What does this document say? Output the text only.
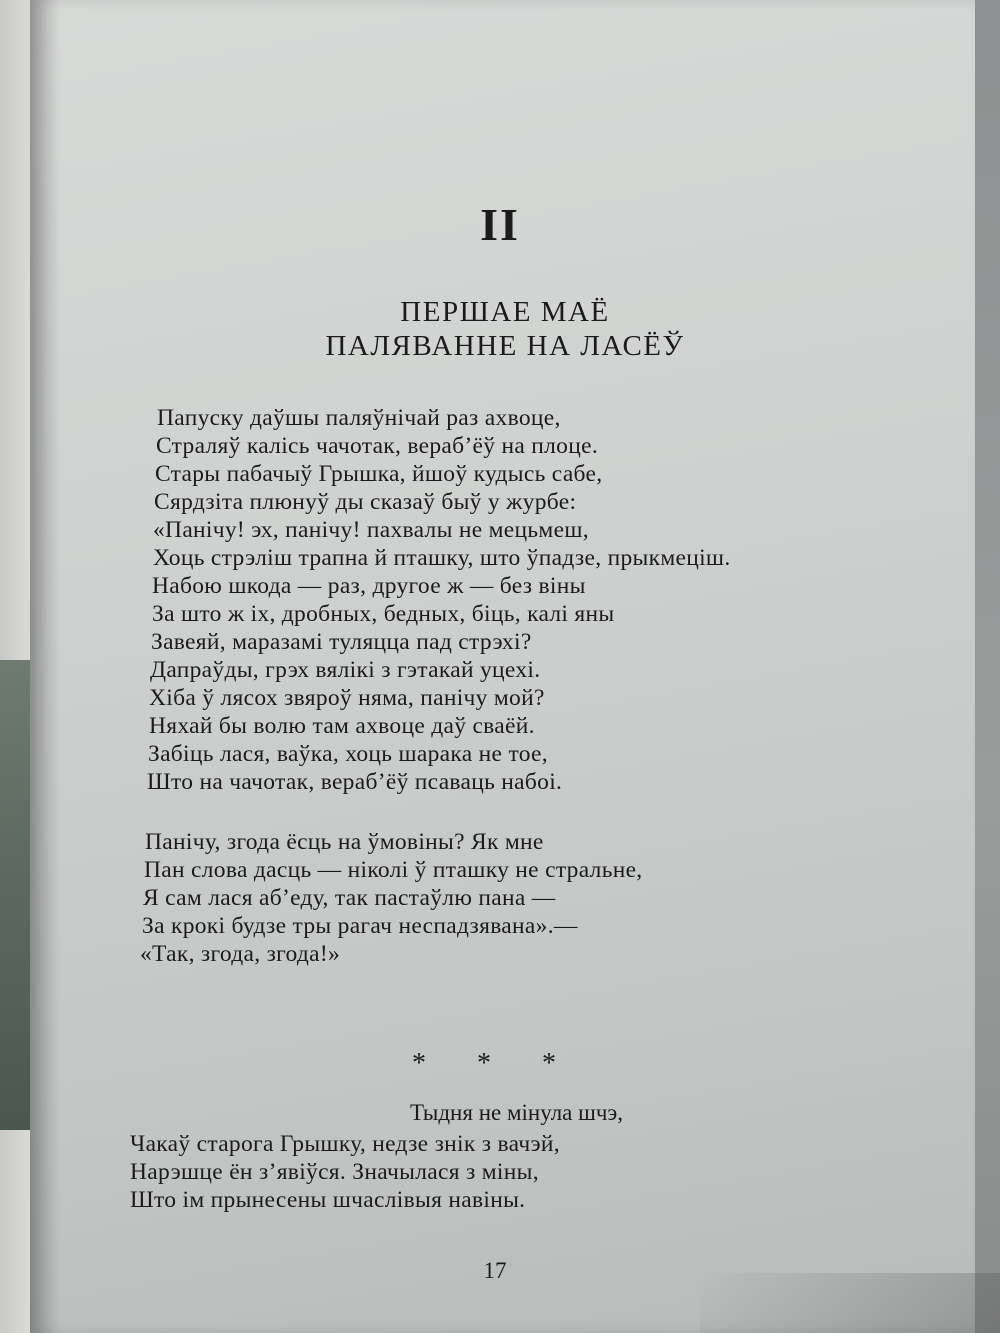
II
ПЕРШАЕ МАЁ
ПАЛЯВАННЕ НА ЛАСЁЎ
Папуску даўшы паляўнічай раз ахвоце,
Страляў калісь чачотак, вераб’ёў на плоце.
Стары пабачыў Грышка, йшоў кудысь сабе,
Сярдзіта плюнуў ды сказаў быў у журбе:
«Панічу! эх, панічу! пахвалы не мецьмеш,
Хоць стрэліш трапна й пташку, што ўпадзе, прыкмеціш.
Набою шкода — раз, другое ж — без віны
За што ж іх, дробных, бедных, біць, калі яны
Завеяй, маразамі туляцца пад стрэхі?
Дапраўды, грэх вялікі з гэтакай уцехі.
Хіба ў лясох звяроў няма, панічу мой?
Няхай бы волю там ахвоце даў сваёй.
Забіць лася, ваўка, хоць шарака не тое,
Што на чачотак, вераб’ёў псаваць набоі.
Панічу, згода ёсць на ўмовіны? Як мне
Пан слова дасць — ніколі ў пташку не стральне,
Я сам лася аб’еду, так пастаўлю пана —
За крокі будзе тры рагач неспадзявана».—
«Так, згода, згода!»
* * *
Тыдня не мінула шчэ,
Чакаў старога Грышку, недзе знік з вачэй,
Нарэшце ён з’явіўся. Значылася з міны,
Што ім прынесены шчаслівыя навіны.
17
